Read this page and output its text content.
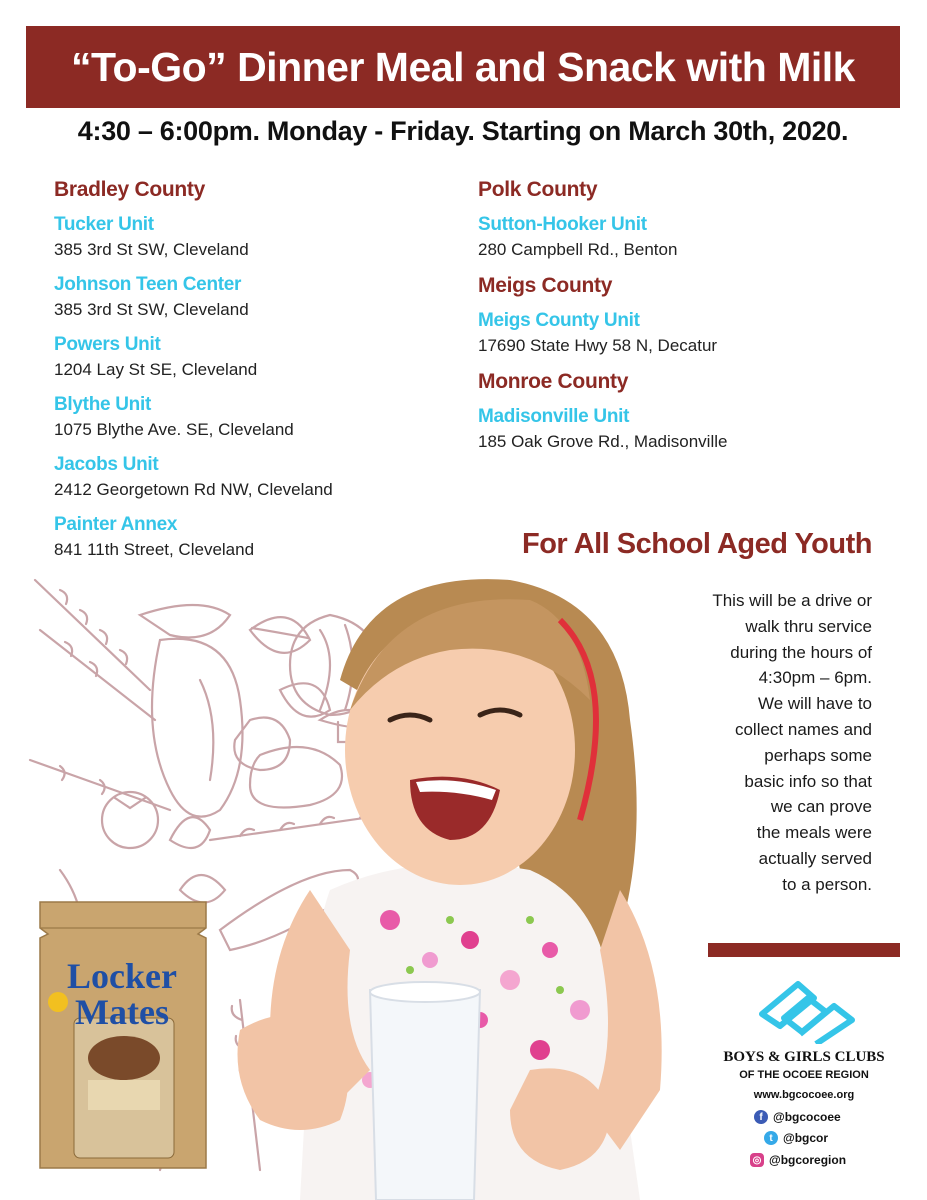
“To-Go” Dinner Meal and Snack with Milk
4:30 – 6:00pm. Monday - Friday. Starting on March 30th, 2020.
Bradley County
Tucker Unit
385 3rd St SW, Cleveland
Johnson Teen Center
385 3rd St SW, Cleveland
Powers Unit
1204 Lay St SE, Cleveland
Blythe Unit
1075 Blythe Ave. SE, Cleveland
Jacobs Unit
2412 Georgetown Rd NW, Cleveland
Painter Annex
841 11th Street, Cleveland
Polk County
Sutton-Hooker Unit
280 Campbell Rd., Benton
Meigs County
Meigs County Unit
17690 State Hwy 58 N, Decatur
Monroe County
Madisonville Unit
185 Oak Grove Rd., Madisonville
Locker
Mates
For All School Aged Youth
This will be a drive or
walk thru service
during the hours of
4:30pm – 6pm.
We will have to
collect names and
perhaps some
basic info so that
we can prove
the meals were
actually served
to a person.
BOYS & GIRLS CLUBS
OF THE OCOEE REGION
www.bgcocoee.org
f @bgcocoee
t @bgcor
◎ @bgcoregion
